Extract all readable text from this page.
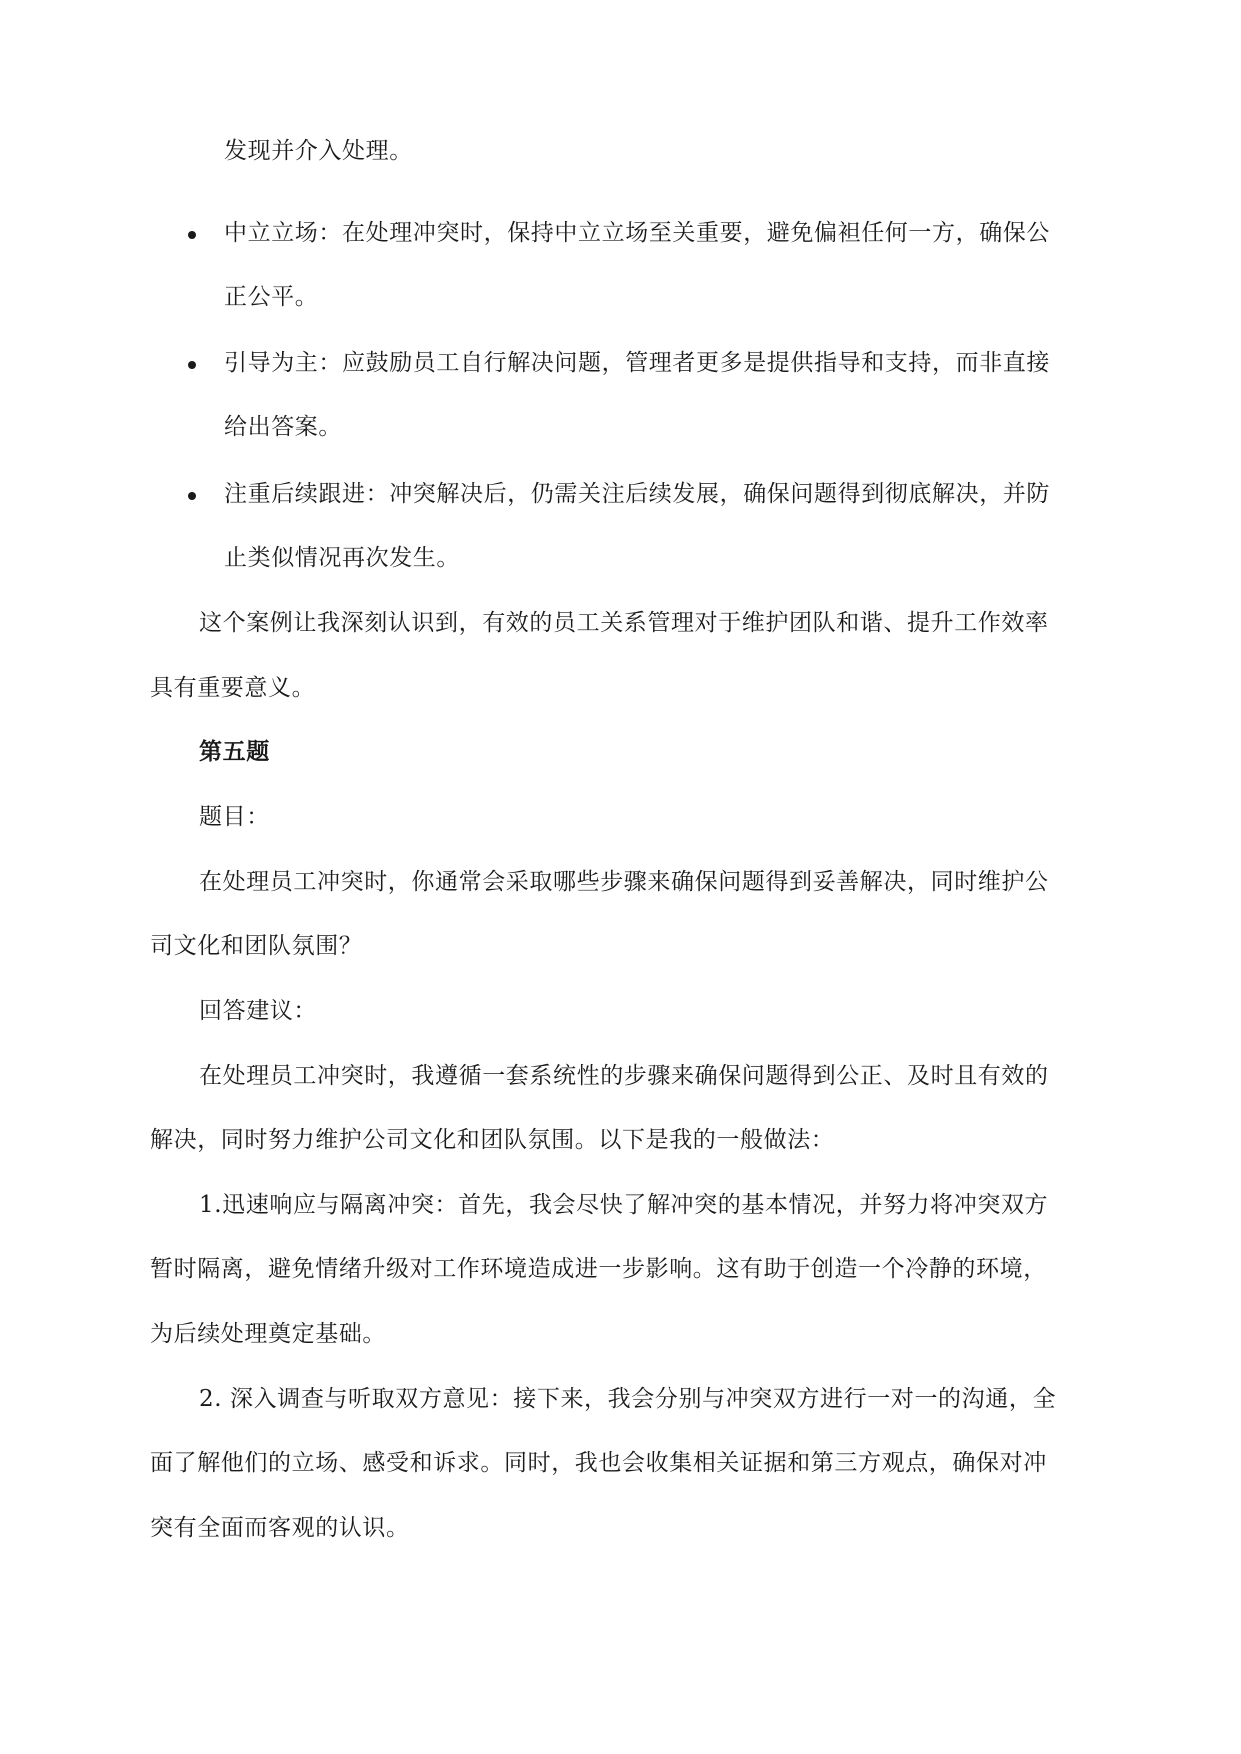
发现并介入处理。
中立立场：在处理冲突时，保持中立立场至关重要，避免偏袒任何一方，确保公
正公平。
引导为主：应鼓励员工自行解决问题，管理者更多是提供指导和支持，而非直接
给出答案。
注重后续跟进：冲突解决后，仍需关注后续发展，确保问题得到彻底解决，并防
止类似情况再次发生。
这个案例让我深刻认识到，有效的员工关系管理对于维护团队和谐、提升工作效率
具有重要意义。
第五题
题目：
在处理员工冲突时，你通常会采取哪些步骤来确保问题得到妥善解决，同时维护公
司文化和团队氛围？
回答建议：
在处理员工冲突时，我遵循一套系统性的步骤来确保问题得到公正、及时且有效的
解决，同时努力维护公司文化和团队氛围。以下是我的一般做法：
1.迅速响应与隔离冲突：首先，我会尽快了解冲突的基本情况，并努力将冲突双方
暂时隔离，避免情绪升级对工作环境造成进一步影响。这有助于创造一个冷静的环境，
为后续处理奠定基础。
2. 深入调查与听取双方意见：接下来，我会分别与冲突双方进行一对一的沟通，全
面了解他们的立场、感受和诉求。同时，我也会收集相关证据和第三方观点，确保对冲
突有全面而客观的认识。
